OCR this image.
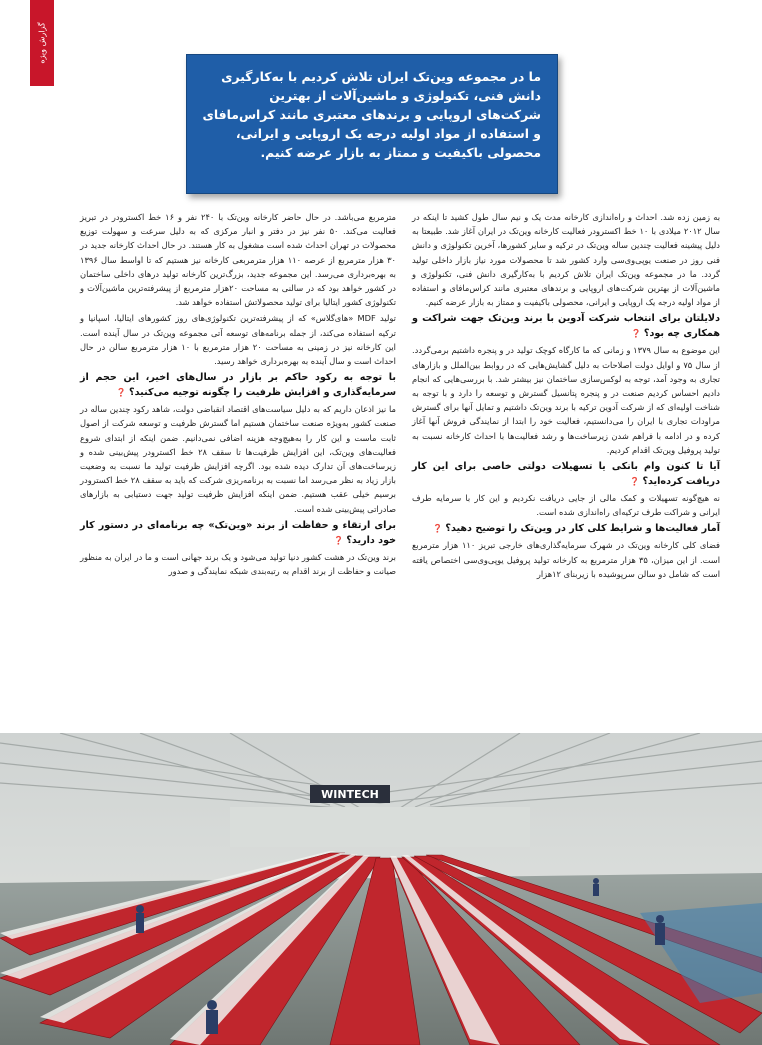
گزارش ویژه

ما در مجموعه وین‌تک ایران تلاش کردیم با به‌کارگیری دانش فنی، تکنولوژی و ماشین‌آلات از بهترین شرکت‌های اروپایی و برندهای معتبری مانند کراس‌مافای و استفاده از مواد اولیه درجه یک اروپایی و ایرانی، محصولی باکیفیت و ممتاز به بازار عرضه کنیم.

به زمین زده شد. احداث و راه‌اندازی کارخانه مدت یک و نیم سال طول کشید تا اینکه در سال ۲۰۱۲ میلادی با ۱۰ خط اکسترودر فعالیت کارخانه وین‌تک در ایران آغاز شد. طبیعتا به دلیل پیشینه فعالیت چندین ساله وین‌تک در ترکیه و سایر کشورها، آخرین تکنولوژی و دانش فنی روز در صنعت یوپی‌وی‌سی وارد کشور شد تا محصولات مورد نیاز بازار داخلی تولید گردد. ما در مجموعه وین‌تک ایران تلاش کردیم با به‌کارگیری دانش فنی، تکنولوژی و ماشین‌آلات از بهترین شرکت‌های اروپایی و برندهای معتبری مانند کراس‌مافای و استفاده از مواد اولیه درجه یک اروپایی و ایرانی، محصولی باکیفیت و ممتاز به بازار عرضه کنیم.

دلایلتان برای انتخاب شرکت آدوین با برند وین‌تک جهت شراکت و همکاری چه بود؟ ❓

این موضوع به سال ۱۳۷۹ و زمانی که ما کارگاه کوچک تولید در و پنجره داشتیم برمی‌گردد. از سال ۷۵ و اوایل دولت اصلاحات به دلیل گشایش‌هایی که در روابط بین‌الملل و بازارهای تجاری به وجود آمد، توجه به لوکس‌سازی ساختمان نیز بیشتر شد. با بررسی‌هایی که انجام دادیم احساس کردیم صنعت در و پنجره پتانسیل گسترش و توسعه را دارد و با توجه به شناخت اولیه‌ای که از شرکت آدوین ترکیه با برند وین‌تک داشتیم و تمایل آنها برای گسترش مراودات تجاری با ایران را می‌دانستیم، فعالیت خود را ابتدا از نمایندگی فروش آنها آغاز کرده و در ادامه با فراهم شدن زیرساخت‌ها و رشد فعالیت‌ها با احداث کارخانه نسبت به تولید پروفیل وین‌تک اقدام کردیم.

آیا تا کنون وام بانکی یا تسهیلات دولتی خاصی برای این کار دریافت کرده‌اید؟ ❓

نه هیچ‌گونه تسهیلات و کمک مالی از جایی دریافت نکردیم و این کار با سرمایه طرف ایرانی و شراکت طرف ترکیه‌ای راه‌اندازی شده است.

آمار فعالیت‌ها و شرایط کلی کار در وین‌تک را توضیح دهید؟ ❓

فضای کلی کارخانه وین‌تک در شهرک سرمایه‌گذاری‌های خارجی تبریز ۱۱۰ هزار مترمربع است. از این میزان، ۳۵ هزار مترمربع به کارخانه تولید پروفیل یوپی‌وی‌سی اختصاص یافته است که شامل دو سالن سرپوشیده با زیربنای ۱۲هزار

مترمربع می‌باشد. در حال حاضر کارخانه وین‌تک با ۲۴۰ نفر و ۱۶ خط اکسترودر در تبریز فعالیت می‌کند. ۵۰ نفر نیز در دفتر و انبار مرکزی که به دلیل سرعت و سهولت توزیع محصولات در تهران احداث شده است مشغول به کار هستند. در حال احداث کارخانه جدید در ۳۰ هزار مترمربع از عرصه ۱۱۰ هزار مترمربعی کارخانه نیز هستیم که تا اواسط سال ۱۳۹۶ به بهره‌برداری می‌رسد. این مجموعه جدید، بزرگ‌ترین کارخانه تولید درهای داخلی ساختمان در کشور خواهد بود که در سالنی به مساحت ۲۰هزار مترمربع از پیشرفته‌ترین ماشین‌آلات و تکنولوژی کشور ایتالیا برای تولید محصولاتش استفاده خواهد شد.

تولید MDF «های‌گلاس» که از پیشرفته‌ترین تکنولوژی‌های روز کشورهای ایتالیا، اسپانیا و ترکیه استفاده می‌کند، از جمله برنامه‌های توسعه آتی مجموعه وین‌تک در سال آینده است. این کارخانه نیز در زمینی به مساحت ۲۰ هزار مترمربع با ۱۰ هزار مترمربع سالن در حال احداث است و سال آینده به بهره‌برداری خواهد رسید.

با توجه به رکود حاکم بر بازار در سال‌های اخیر، این حجم از سرمایه‌گذاری و افزایش ظرفیت را چگونه توجیه می‌کنید؟ ❓

ما نیز اذعان داریم که به دلیل سیاست‌های اقتصاد انقباضی دولت، شاهد رکود چندین ساله در صنعت کشور به‌ویژه صنعت ساختمان هستیم اما گسترش ظرفیت و توسعه شرکت از اصول ثابت ماست و این کار را به‌هیچ‌وجه هزینه اضافی نمی‌دانیم. ضمن اینکه از ابتدای شروع فعالیت‌های وین‌تک، این افزایش ظرفیت‌ها تا سقف ۲۸ خط اکسترودر پیش‌بینی شده و زیرساخت‌های آن تدارک دیده شده بود. اگرچه افزایش ظرفیت تولید ما نسبت به وضعیت بازار زیاد به نظر می‌رسد اما نسبت به برنامه‌ریزی شرکت که باید به سقف ۲۸ خط اکسترودر برسیم خیلی عقب هستیم. ضمن اینکه افزایش ظرفیت تولید جهت دستیابی به بازارهای صادراتی پیش‌بینی شده است.

برای ارتقاء و حفاظت از برند «وین‌تک» چه برنامه‌ای در دستور کار خود دارید؟ ❓

برند وین‌تک در هشت کشور دنیا تولید می‌شود و یک برند جهانی است و ما در ایران به منظور صیانت و حفاظت از برند اقدام به رتبه‌بندی شبکه نمایندگی و صدور

WINTECH
